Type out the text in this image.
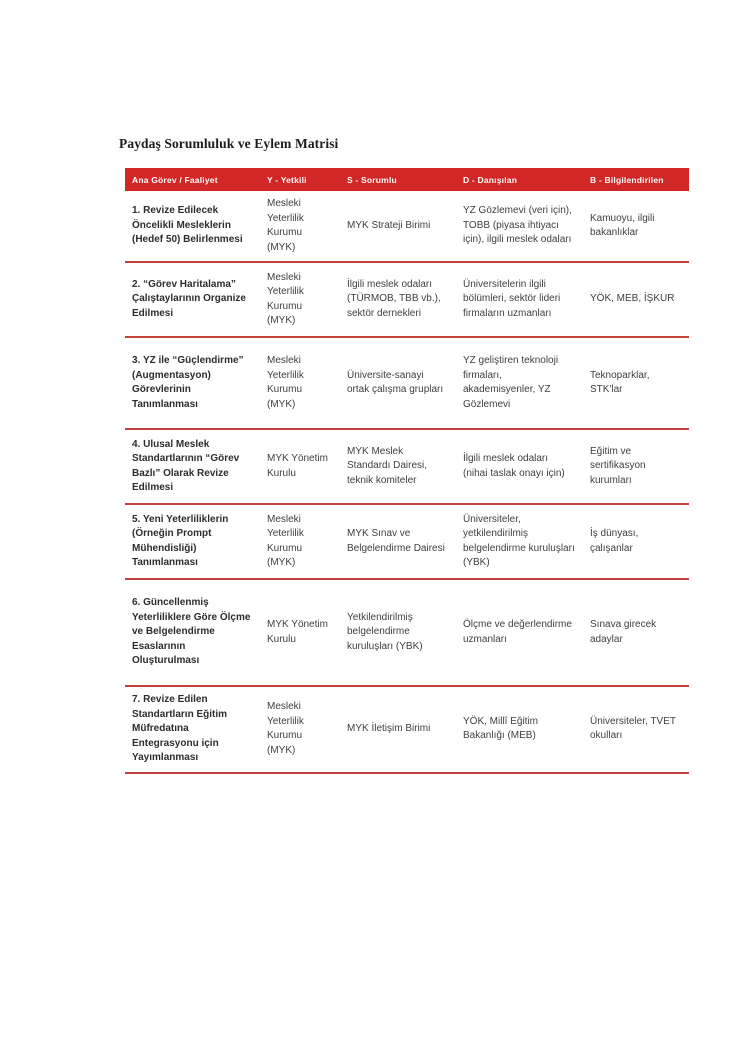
Paydaş Sorumluluk ve Eylem Matrisi
Ana Görev / Faaliyet	Y - Yetkili	S - Sorumlu	D - Danışılan	B - Bilgilendirilen
1. Revize Edilecek Öncelikli Mesleklerin (Hedef 50) Belirlenmesi	Mesleki Yeterlilik Kurumu (MYK)	MYK Strateji Birimi	YZ Gözlemevi (veri için), TOBB (piyasa ihtiyacı için), ilgili meslek odaları	Kamuoyu, ilgili bakanlıklar
2. “Görev Haritalama” Çalıştaylarının Organize Edilmesi	Mesleki Yeterlilik Kurumu (MYK)	İlgili meslek odaları (TÜRMOB, TBB vb.), sektör dernekleri	Üniversitelerin ilgili bölümleri, sektör lideri firmaların uzmanları	YÖK, MEB, İŞKUR
3. YZ ile “Güçlendirme” (Augmentasyon) Görevlerinin Tanımlanması	Mesleki Yeterlilik Kurumu (MYK)	Üniversite-sanayi ortak çalışma grupları	YZ geliştiren teknoloji firmaları, akademisyenler, YZ Gözlemevi	Teknoparklar, STK'lar
4. Ulusal Meslek Standartlarının “Görev Bazlı” Olarak Revize Edilmesi	MYK Yönetim Kurulu	MYK Meslek Standardı Dairesi, teknik komiteler	İlgili meslek odaları (nihai taslak onayı için)	Eğitim ve sertifikasyon kurumları
5. Yeni Yeterliliklerin (Örneğin Prompt Mühendisliği) Tanımlanması	Mesleki Yeterlilik Kurumu (MYK)	MYK Sınav ve Belgelendirme Dairesi	Üniversiteler, yetkilendirilmiş belgelendirme kuruluşları (YBK)	İş dünyası, çalışanlar
6. Güncellenmiş Yeterliliklere Göre Ölçme ve Belgelendirme Esaslarının Oluşturulması	MYK Yönetim Kurulu	Yetkilendirilmiş belgelendirme kuruluşları (YBK)	Ölçme ve değerlendirme uzmanları	Sınava girecek adaylar
7. Revize Edilen Standartların Eğitim Müfredatına Entegrasyonu için Yayımlanması	Mesleki Yeterlilik Kurumu (MYK)	MYK İletişim Birimi	YÖK, Millî Eğitim Bakanlığı (MEB)	Üniversiteler, TVET okulları
